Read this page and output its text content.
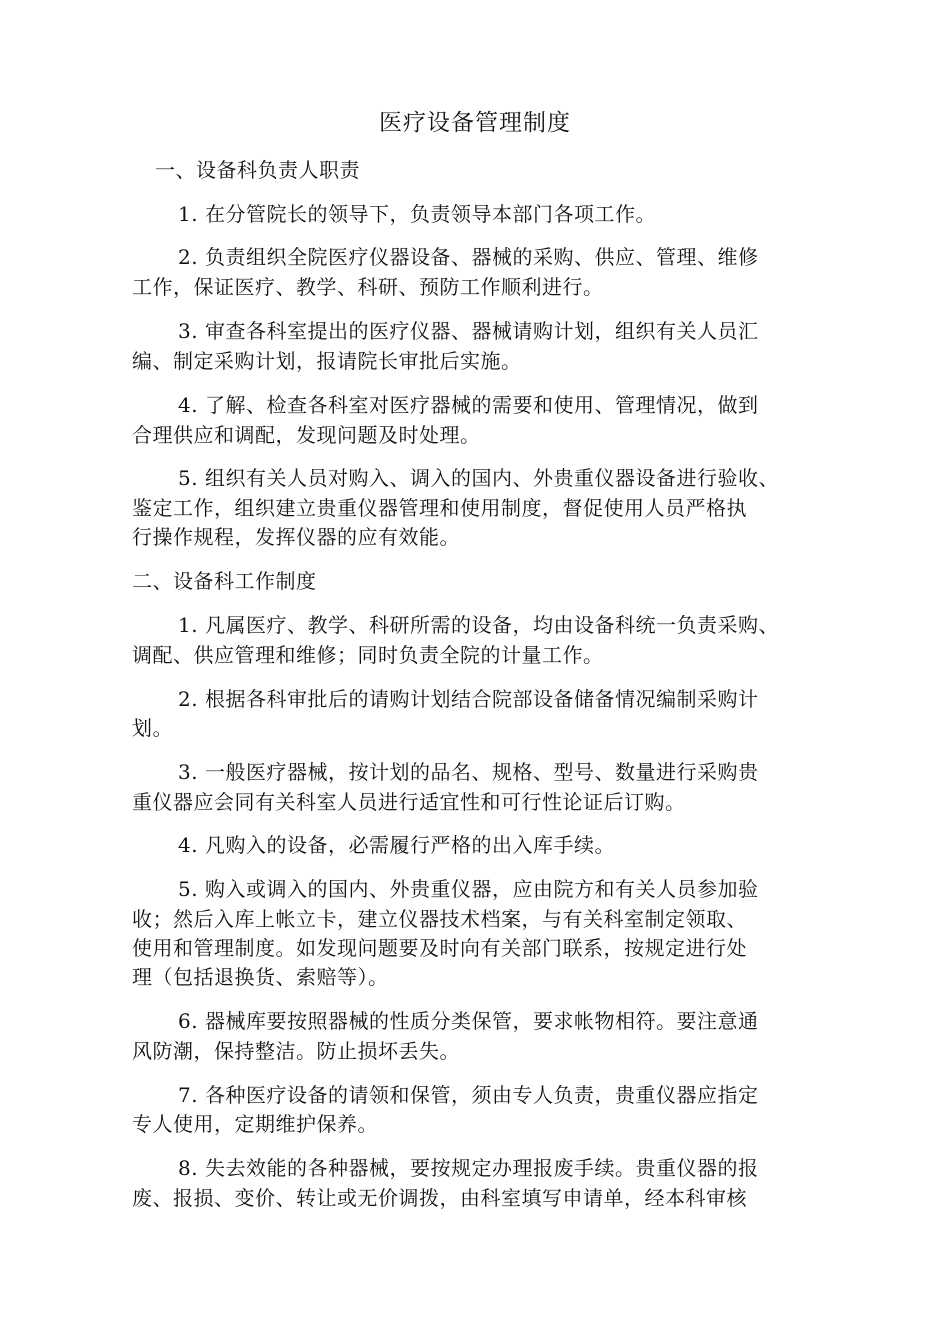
医疗设备管理制度
一、设备科负责人职责
1. 在分管院长的领导下，负责领导本部门各项工作。
2. 负责组织全院医疗仪器设备、器械的采购、供应、管理、维修
工作，保证医疗、教学、科研、预防工作顺利进行。
3. 审查各科室提出的医疗仪器、器械请购计划，组织有关人员汇
编、制定采购计划，报请院长审批后实施。
4. 了解、检查各科室对医疗器械的需要和使用、管理情况，做到
合理供应和调配，发现问题及时处理。
5. 组织有关人员对购入、调入的国内、外贵重仪器设备进行验收、
鉴定工作，组织建立贵重仪器管理和使用制度，督促使用人员严格执
行操作规程，发挥仪器的应有效能。
二、设备科工作制度
1. 凡属医疗、教学、科研所需的设备，均由设备科统一负责采购、
调配、供应管理和维修；同时负责全院的计量工作。
2. 根据各科审批后的请购计划结合院部设备储备情况编制采购计
划。
3. 一般医疗器械，按计划的品名、规格、型号、数量进行采购贵
重仪器应会同有关科室人员进行适宜性和可行性论证后订购。
4. 凡购入的设备，必需履行严格的出入库手续。
5. 购入或调入的国内、外贵重仪器，应由院方和有关人员参加验
收；然后入库上帐立卡，建立仪器技术档案，与有关科室制定领取、
使用和管理制度。如发现问题要及时向有关部门联系，按规定进行处
理（包括退换货、索赔等）。
6. 器械库要按照器械的性质分类保管，要求帐物相符。要注意通
风防潮，保持整洁。防止损坏丢失。
7. 各种医疗设备的请领和保管，须由专人负责，贵重仪器应指定
专人使用，定期维护保养。
8. 失去效能的各种器械，要按规定办理报废手续。贵重仪器的报
废、报损、变价、转让或无价调拨，由科室填写申请单，经本科审核
